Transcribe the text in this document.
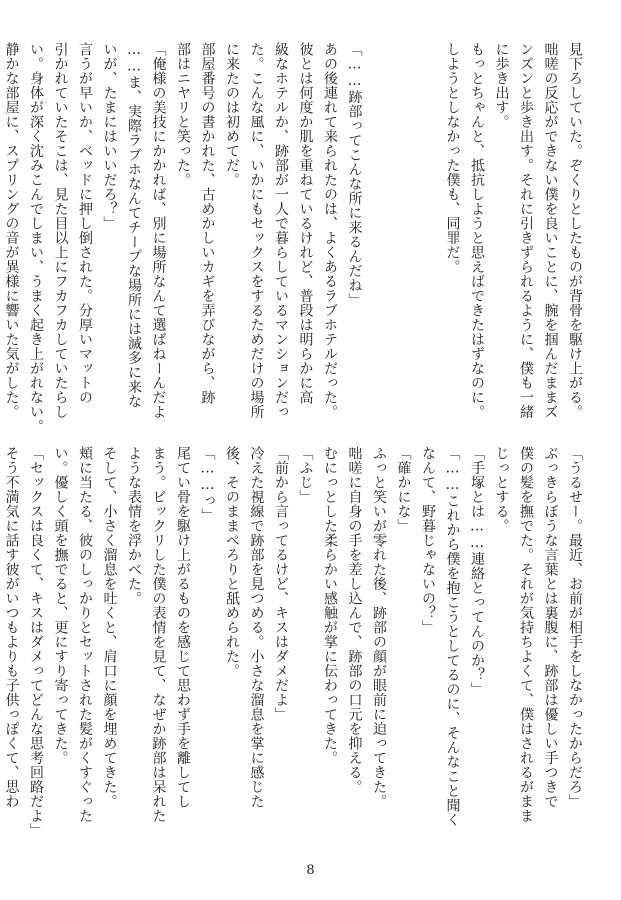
見下ろしていた。ぞくりとしたものが背骨を駆け上がる。

咄嗟の反応ができない僕を良いことに、腕を掴んだままズ

ンズンと歩き出す。それに引きずられるように、僕も一緒

に歩き出す。

もっとちゃんと、抵抗しようと思えばできたはずなのに。

しようとしなかった僕も、同罪だ。

「……跡部ってこんな所に来るんだね」

あの後連れて来られたのは、よくあるラブホテルだった。

彼とは何度か肌を重ねているけれど、普段は明らかに高

級なホテルか、跡部が一人で暮らしているマンションだっ

た。こんな風に、いかにもセックスをするためだけの場所

に来たのは初めてだ。

部屋番号の書かれた、古めかしいカギを弄びながら、跡

部はニヤリと笑った。

「俺様の美技にかかれば、別に場所なんて選ばねーんだよ

……ま、実際ラブホなんてチープな場所には滅多に来な

いが、たまにはいいだろ？」

言うが早いか、ベッドに押し倒された。分厚いマットの

引かれていたそこは、見た目以上にフカフカしていたらし

い。身体が深く沈みこんでしまい、うまく起き上がれない。

静かな部屋に、スプリングの音が異様に響いた気がした。

「うるせー。最近、お前が相手をしなかったからだろ」

ぶっきらぼうな言葉とは裏腹に、跡部は優しい手つきで

僕の髪を撫でた。それが気持ちよくて、僕はされるがまま

じっとする。

「手塚とは……連絡とってんのか？」

「……これから僕を抱こうとしてるのに、そんなこと聞く

なんて、野暮じゃないの？」

「確かにな」

ふっと笑いが零れた後、跡部の顔が眼前に迫ってきた。

咄嗟に自身の手を差し込んで、跡部の口元を抑える。

むにっとした柔らかい感触が掌に伝わってきた。

「ふじ」

「前から言ってるけど、キスはダメだよ」

冷えた視線で跡部を見つめる。小さな溜息を掌に感じた

後、そのままぺろりと舐められた。

「……っ」

尾てい骨を駆け上がるものを感じて思わず手を離してし

まう。ビックリした僕の表情を見て、なぜか跡部は呆れた

ような表情を浮かべた。

そして、小さく溜息を吐くと、肩口に顔を埋めてきた。

頬に当たる、彼のしっかりとセットされた髪がくすぐった

い。優しく頭を撫でると、更にすり寄ってきた。

「セックスは良くて、キスはダメってどんな思考回路だよ」

そう不満気に話す彼がいつもよりも子供っぽくて、思わ

8
